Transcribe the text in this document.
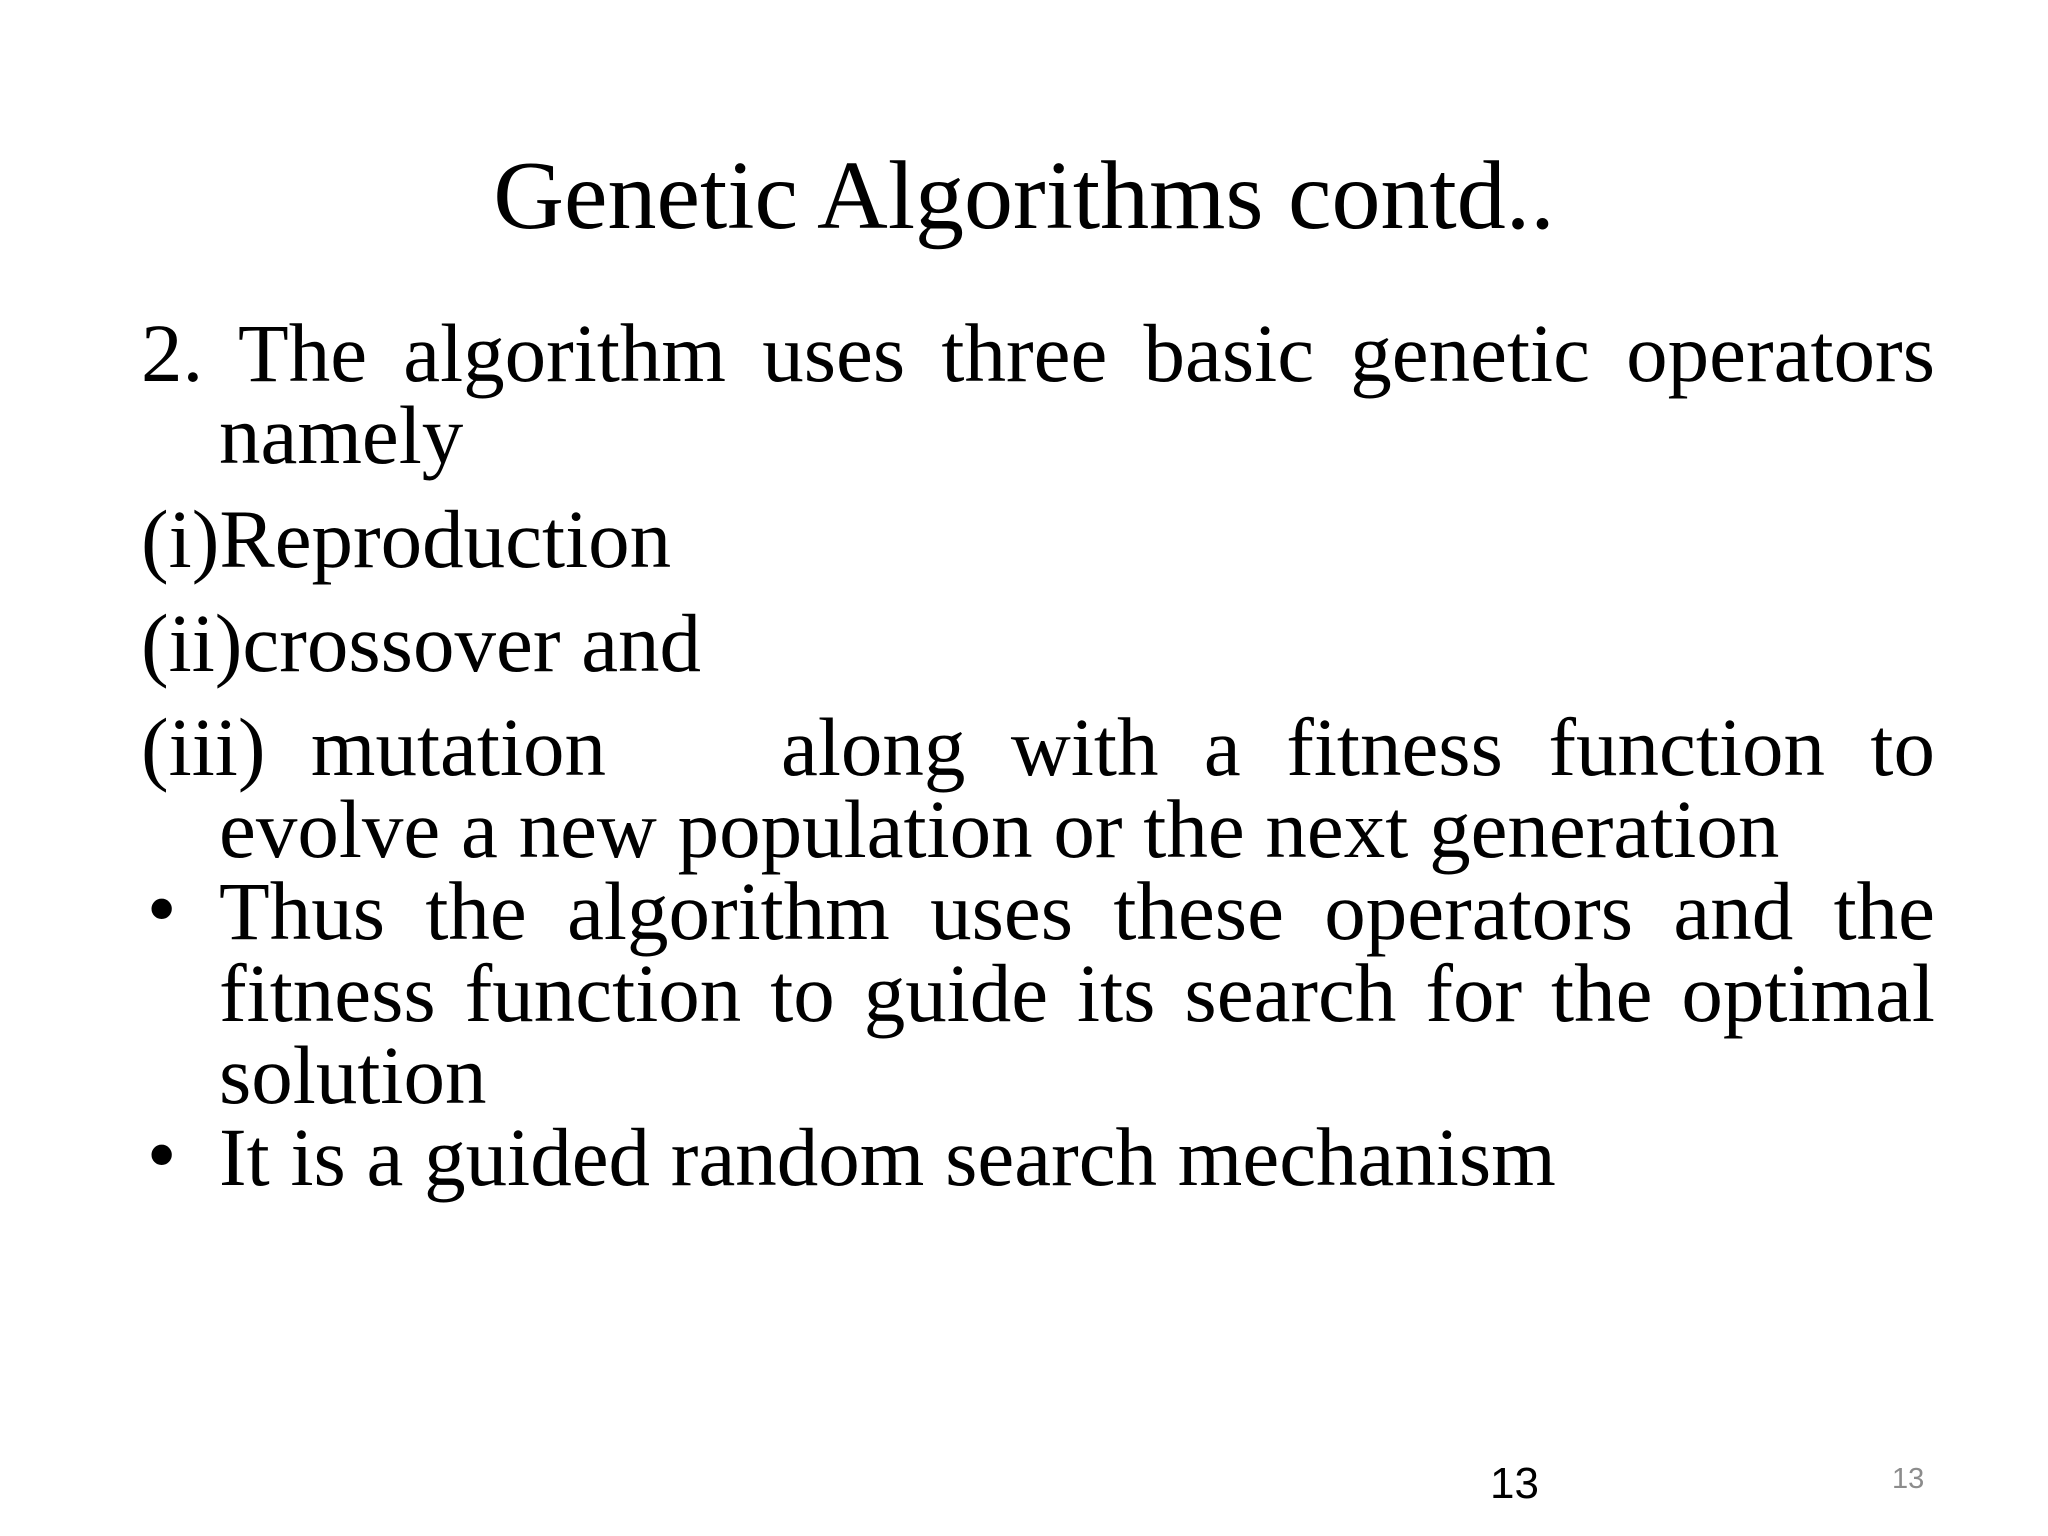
Genetic Algorithms contd..

2. The algorithm uses three basic genetic operators namely

(i)Reproduction

(ii)crossover and

(iii) mutation along with a fitness function to evolve a new population or the next generation

• Thus the algorithm uses these operators and the fitness function to guide its search for the optimal solution

• It is a guided random search mechanism

13	13
